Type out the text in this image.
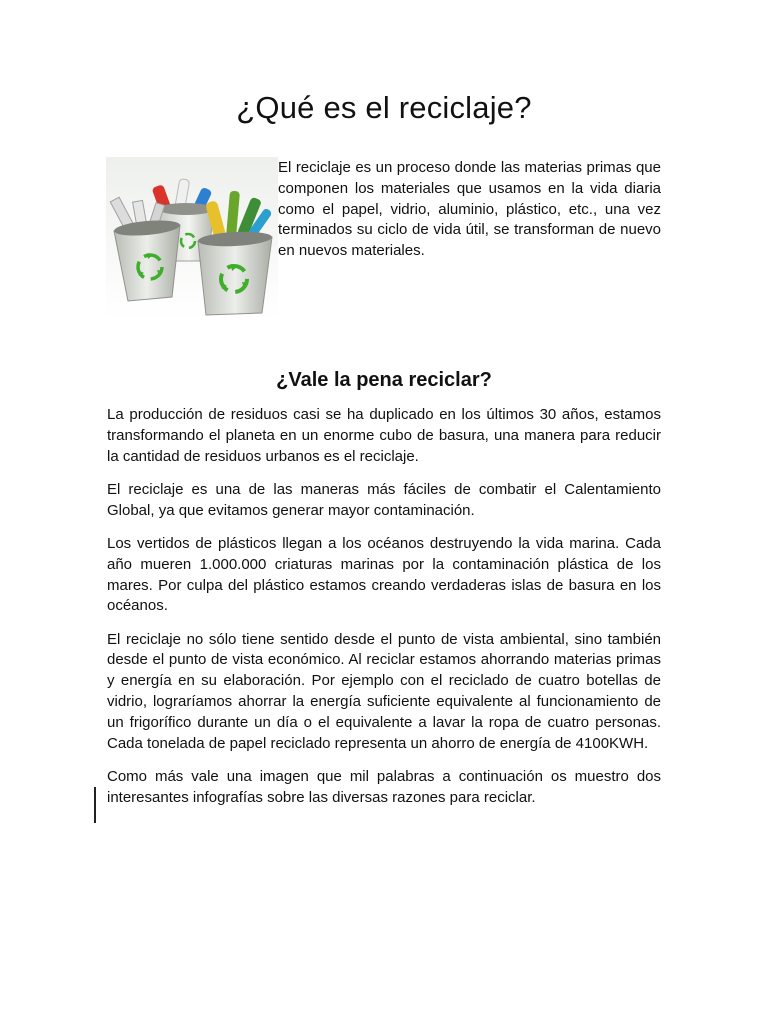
¿Qué es el reciclaje?

El reciclaje es un proceso donde las materias primas que componen los materiales que usamos en la vida diaria como el papel, vidrio, aluminio, plástico, etc., una vez terminados su ciclo de vida útil, se transforman de nuevo en nuevos materiales.

¿Vale la pena reciclar?

La producción de residuos casi se ha duplicado en los últimos 30 años, estamos transformando el planeta en un enorme cubo de basura, una manera para reducir la cantidad de residuos urbanos es el reciclaje.

El reciclaje es una de las maneras más fáciles de combatir el Calentamiento Global, ya que evitamos generar mayor contaminación.

Los vertidos de plásticos llegan a los océanos destruyendo la vida marina. Cada año mueren 1.000.000 criaturas marinas por la contaminación plástica de los mares. Por culpa del plástico estamos creando verdaderas islas de basura en los océanos.

El reciclaje no sólo tiene sentido desde el punto de vista ambiental, sino también desde el punto de vista económico. Al reciclar estamos ahorrando materias primas y energía en su elaboración. Por ejemplo con el reciclado de cuatro botellas de vidrio, lograríamos ahorrar la energía suficiente equivalente al funcionamiento de un frigorífico durante un día o el equivalente a lavar la ropa de cuatro personas. Cada tonelada de papel reciclado representa un ahorro de energía de 4100KWH.

Como más vale una imagen que mil palabras a continuación os muestro dos interesantes infografías sobre las diversas razones para reciclar.
